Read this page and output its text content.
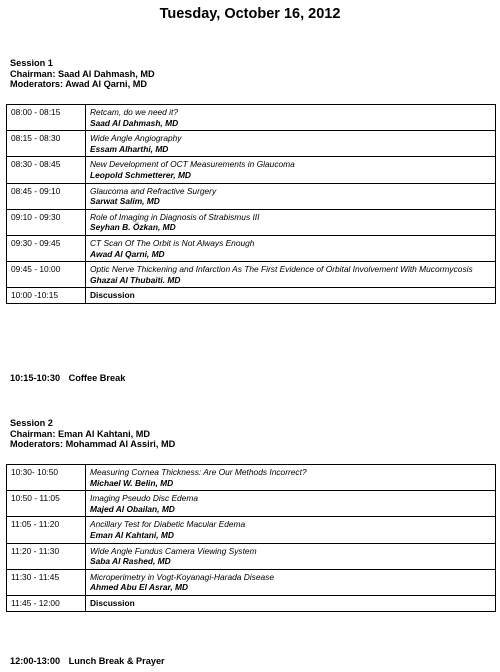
Tuesday, October 16, 2012
Session 1
Chairman: Saad Al Dahmash, MD
Moderators: Awad Al Qarni, MD
08:00 - 08:15	Retcam, do we need it?
Saad Al Dahmash, MD

08:15 - 08:30	Wide Angle Angiography
Essam Alharthi, MD

08:30 - 08:45	New Development of OCT Measurements in Glaucoma
Leopold Schmetterer, MD

08:45 - 09:10	Glaucoma and Refractive Surgery
Sarwat Salim, MD

09:10 - 09:30	Role of Imaging in Diagnosis of Strabismus III
Seyhan B. Özkan, MD

09:30 - 09:45	CT Scan Of The Orbit is Not Always Enough
Awad Al Qarni, MD

09:45 - 10:00	Optic Nerve Thickening and Infarction As The First Evidence of Orbital Involvement With Mucormycosis
Ghazai Al Thubaiti. MD

10:00 -10:15	Discussion
10:15-10:30 Coffee Break
Session 2
Chairman: Eman Al Kahtani, MD
Moderators: Mohammad Al Assiri, MD
10:30- 10:50	Measuring Cornea Thickness: Are Our Methods Incorrect?
Michael W. Belin, MD

10:50 - 11:05	Imaging Pseudo Disc Edema
Majed Al Obailan, MD

11:05 - 11:20	Ancillary Test for Diabetic Macular Edema
Eman Al Kahtani, MD

11:20 - 11:30	Wide Angle Fundus Camera Viewing System
Saba Al Rashed, MD

11:30 - 11:45	Microperimetry in Vogt-Koyanagi-Harada Disease
Ahmed Abu El Asrar, MD

11:45 - 12:00	Discussion
12:00-13:00 Lunch Break & Prayer
